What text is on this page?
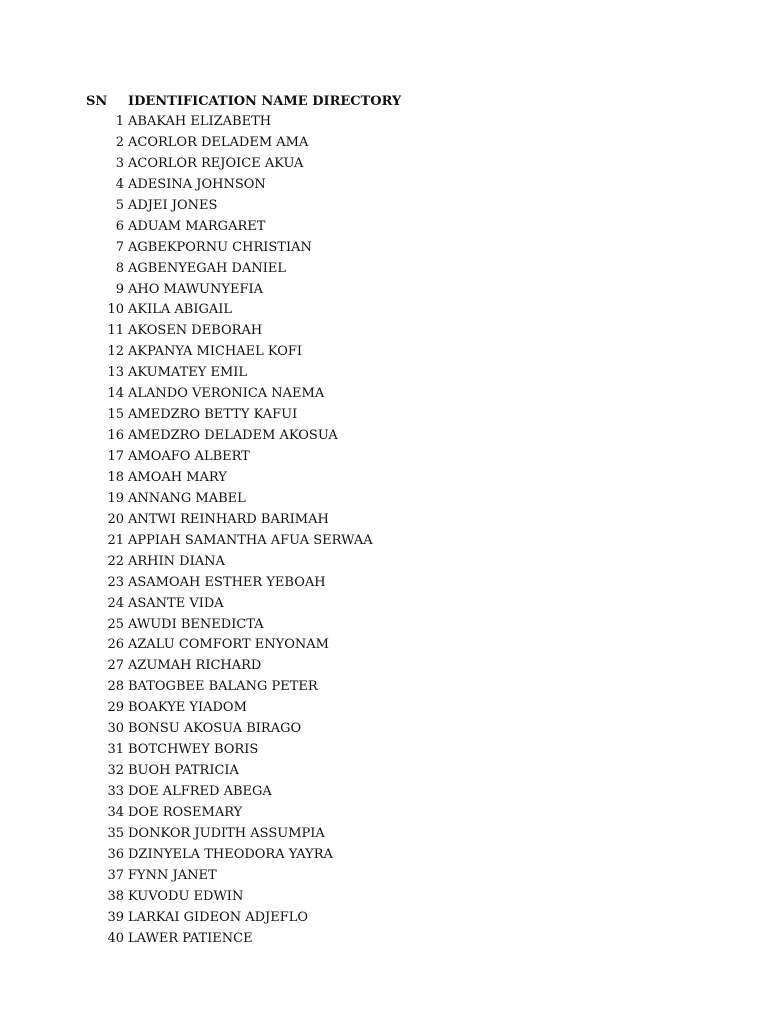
SN IDENTIFICATION NAME DIRECTORY
1 ABAKAH ELIZABETH
2 ACORLOR DELADEM AMA
3 ACORLOR REJOICE AKUA
4 ADESINA JOHNSON
5 ADJEI JONES
6 ADUAM MARGARET
7 AGBEKPORNU CHRISTIAN
8 AGBENYEGAH DANIEL
9 AHO MAWUNYEFIA
10 AKILA ABIGAIL
11 AKOSEN DEBORAH
12 AKPANYA MICHAEL KOFI
13 AKUMATEY EMIL
14 ALANDO VERONICA NAEMA
15 AMEDZRO BETTY KAFUI
16 AMEDZRO DELADEM AKOSUA
17 AMOAFO ALBERT
18 AMOAH MARY
19 ANNANG MABEL
20 ANTWI REINHARD BARIMAH
21 APPIAH SAMANTHA AFUA SERWAA
22 ARHIN DIANA
23 ASAMOAH ESTHER YEBOAH
24 ASANTE VIDA
25 AWUDI BENEDICTA
26 AZALU COMFORT ENYONAM
27 AZUMAH RICHARD
28 BATOGBEE BALANG PETER
29 BOAKYE YIADOM
30 BONSU AKOSUA BIRAGO
31 BOTCHWEY BORIS
32 BUOH PATRICIA
33 DOE ALFRED ABEGA
34 DOE ROSEMARY
35 DONKOR JUDITH ASSUMPIA
36 DZINYELA THEODORA YAYRA
37 FYNN JANET
38 KUVODU EDWIN
39 LARKAI GIDEON ADJEFLO
40 LAWER PATIENCE
